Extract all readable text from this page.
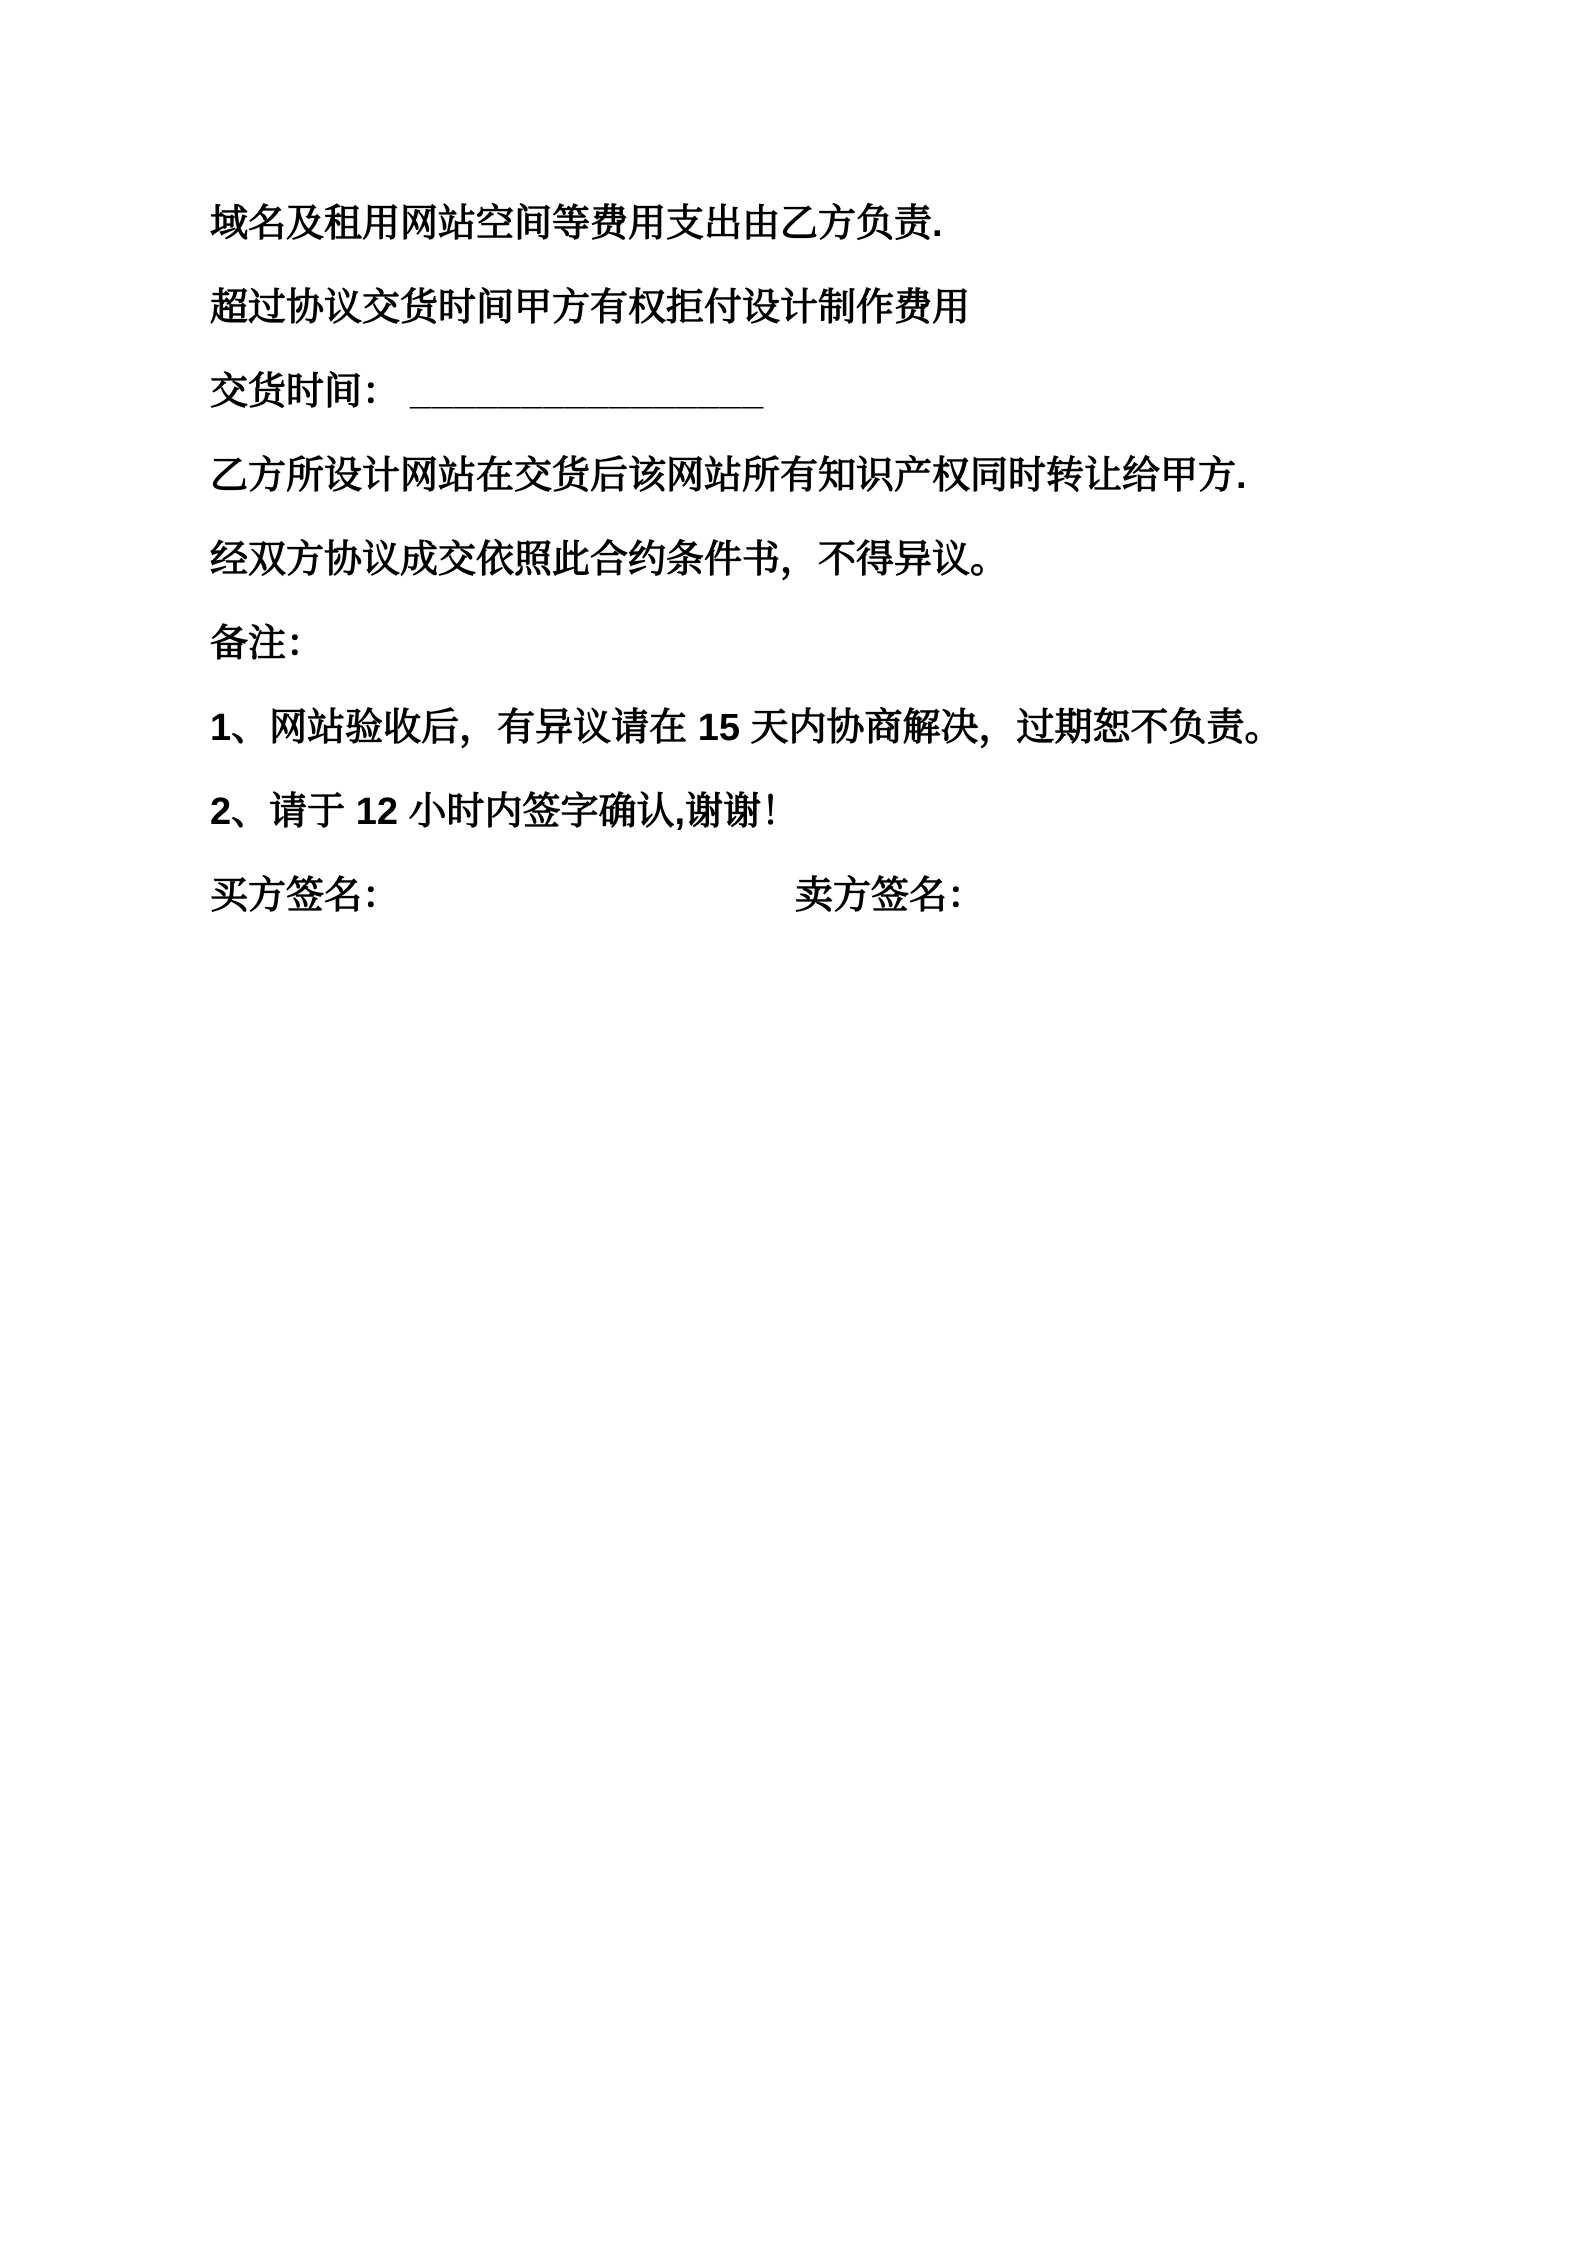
域名及租用网站空间等费用支出由乙方负责.

超过协议交货时间甲方有权拒付设计制作费用

交货时间： ________________

乙方所设计网站在交货后该网站所有知识产权同时转让给甲方.

经双方协议成交依照此合约条件书，不得异议。

备注：

1、网站验收后，有异议请在 15 天内协商解决，过期恕不负责。

2、请于 12 小时内签字确认,谢谢！

买方签名：	卖方签名：
